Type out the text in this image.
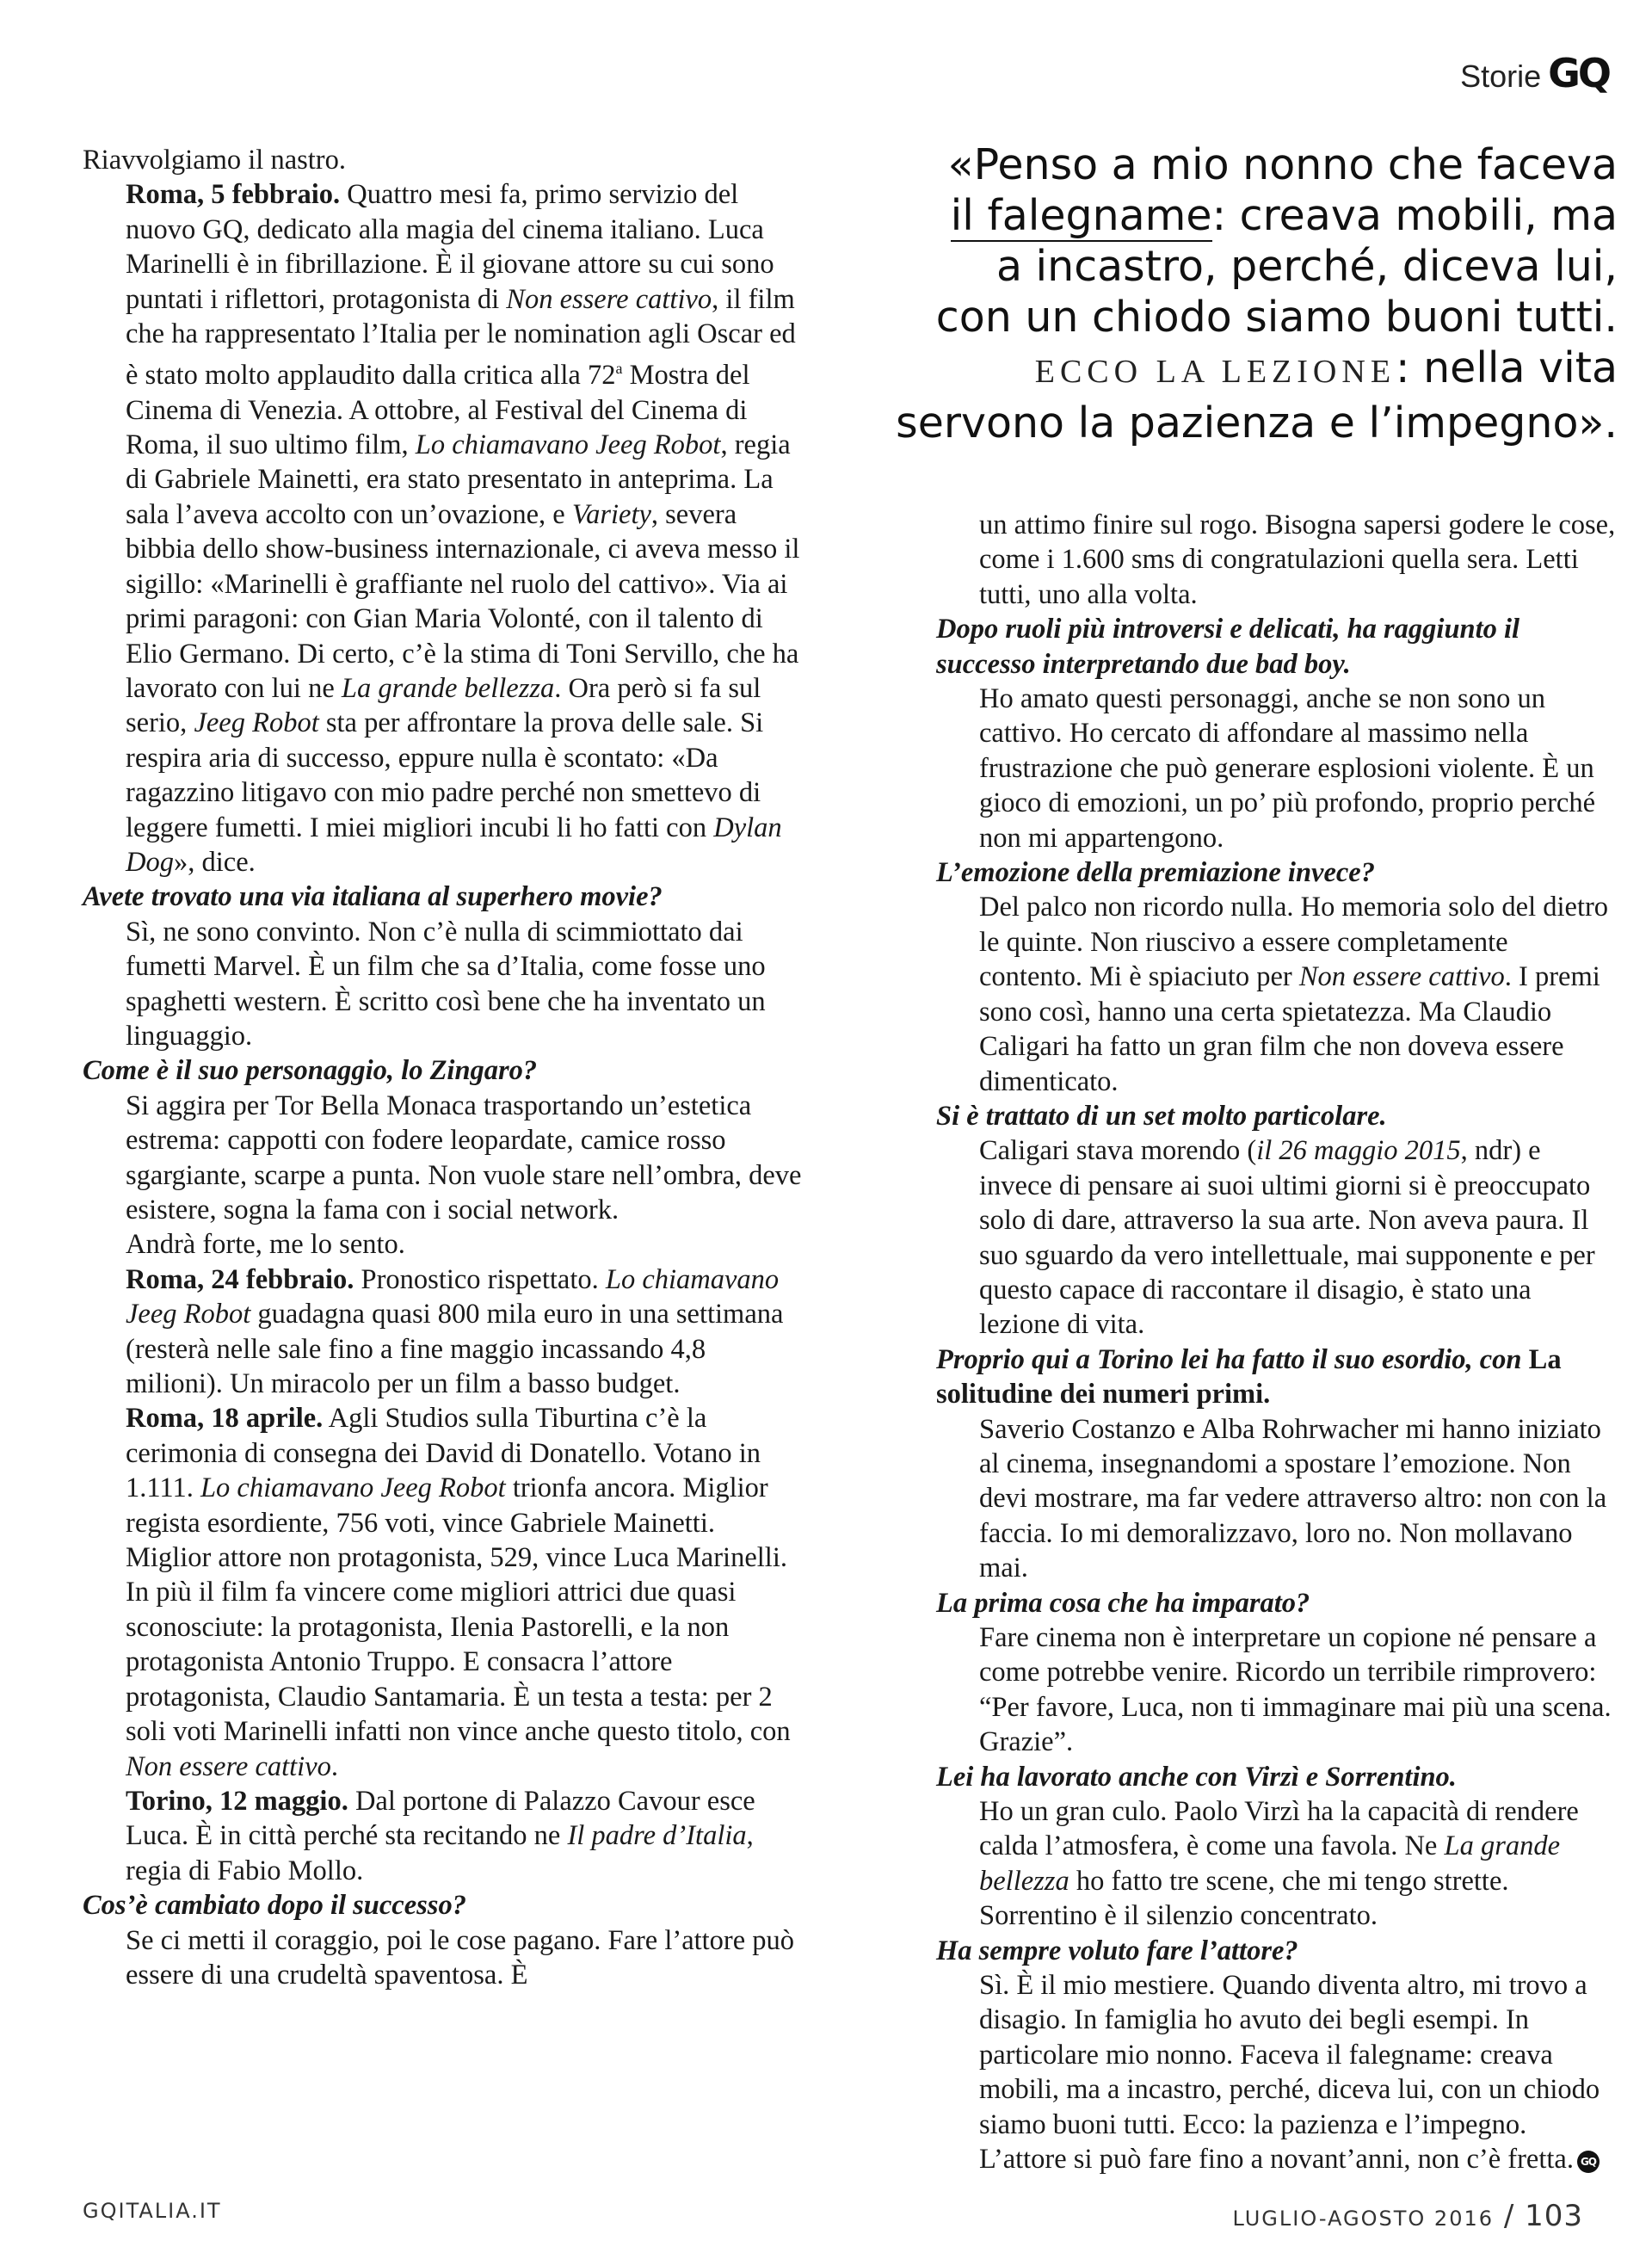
Storie GQ

Riavvolgiamo il nastro.

Roma, 5 febbraio. Quattro mesi fa, primo servizio del nuovo GQ, dedicato alla magia del cinema italiano. Luca Marinelli è in fibrillazione. È il giovane attore su cui sono puntati i riflettori, protagonista di Non essere cattivo, il film che ha rappresentato l’Italia per le nomination agli Oscar ed è stato molto applaudito dalla critica alla 72$^a$ Mostra del Cinema di Venezia. A ottobre, al Festival del Cinema di Roma, il suo ultimo film, Lo chiamavano Jeeg Robot, regia di Gabriele Mainetti, era stato presentato in anteprima. La sala l’aveva accolto con un’ovazione, e Variety, severa bibbia dello show-business internazionale, ci aveva messo il sigillo: «Marinelli è graffiante nel ruolo del cattivo». Via ai primi paragoni: con Gian Maria Volonté, con il talento di Elio Germano. Di certo, c’è la stima di Toni Servillo, che ha lavorato con lui ne La grande bellezza. Ora però si fa sul serio, Jeeg Robot sta per affrontare la prova delle sale. Si respira aria di successo, eppure nulla è scontato: «Da ragazzino litigavo con mio padre perché non smettevo di leggere fumetti. I miei migliori incubi li ho fatti con Dylan Dog», dice.

Avete trovato una via italiana al superhero movie?

Sì, ne sono convinto. Non c’è nulla di scimmiottato dai fumetti Marvel. È un film che sa d’Italia, come fosse uno spaghetti western. È scritto così bene che ha inventato un linguaggio.

Come è il suo personaggio, lo Zingaro?

Si aggira per Tor Bella Monaca trasportando un’estetica estrema: cappotti con fodere leopardate, camice rosso sgargiante, scarpe a punta. Non vuole stare nell’ombra, deve esistere, sogna la fama con i social network.

Andrà forte, me lo sento.

Roma, 24 febbraio. Pronostico rispettato. Lo chiamavano Jeeg Robot guadagna quasi 800 mila euro in una settimana (resterà nelle sale fino a fine maggio incassando 4,8 milioni). Un miracolo per un film a basso budget.

Roma, 18 aprile. Agli Studios sulla Tiburtina c’è la cerimonia di consegna dei David di Donatello. Votano in 1.111. Lo chiamavano Jeeg Robot trionfa ancora. Miglior regista esordiente, 756 voti, vince Gabriele Mainetti. Miglior attore non protagonista, 529, vince Luca Marinelli. In più il film fa vincere come migliori attrici due quasi sconosciute: la protagonista, Ilenia Pastorelli, e la non protagonista Antonio Truppo. E consacra l’attore protagonista, Claudio Santamaria. È un testa a testa: per 2 soli voti Marinelli infatti non vince anche questo titolo, con Non essere cattivo.

Torino, 12 maggio. Dal portone di Palazzo Cavour esce Luca. È in città perché sta recitando ne Il padre d’Italia, regia di Fabio Mollo.

Cos’è cambiato dopo il successo?

Se ci metti il coraggio, poi le cose pagano. Fare l’attore può essere di una crudeltà spaventosa. È

«Penso a mio nonno che faceva
il falegname: creava mobili, ma
a incastro, perché, diceva lui,
con un chiodo siamo buoni tutti.
ECCO LA LEZIONE: nella vita
servono la pazienza e l’impegno».

un attimo finire sul rogo. Bisogna sapersi godere le cose, come i 1.600 sms di congratulazioni quella sera. Letti tutti, uno alla volta.

Dopo ruoli più introversi e delicati, ha raggiunto il successo interpretando due bad boy.

Ho amato questi personaggi, anche se non sono un cattivo. Ho cercato di affondare al massimo nella frustrazione che può generare esplosioni violente. È un gioco di emozioni, un po’ più profondo, proprio perché non mi appartengono.

L’emozione della premiazione invece?

Del palco non ricordo nulla. Ho memoria solo del dietro le quinte. Non riuscivo a essere completamente contento. Mi è spiaciuto per Non essere cattivo. I premi sono così, hanno una certa spietatezza. Ma Claudio Caligari ha fatto un gran film che non doveva essere dimenticato.

Si è trattato di un set molto particolare.

Caligari stava morendo (il 26 maggio 2015, ndr) e invece di pensare ai suoi ultimi giorni si è preoccupato solo di dare, attraverso la sua arte. Non aveva paura. Il suo sguardo da vero intellettuale, mai supponente e per questo capace di raccontare il disagio, è stato una lezione di vita.

Proprio qui a Torino lei ha fatto il suo esordio, con La solitudine dei numeri primi.

Saverio Costanzo e Alba Rohrwacher mi hanno iniziato al cinema, insegnandomi a spostare l’emozione. Non devi mostrare, ma far vedere attraverso altro: non con la faccia. Io mi demoralizzavo, loro no. Non mollavano mai.

La prima cosa che ha imparato?

Fare cinema non è interpretare un copione né pensare a come potrebbe venire. Ricordo un terribile rimprovero: “Per favore, Luca, non ti immaginare mai più una scena. Grazie”.

Lei ha lavorato anche con Virzì e Sorrentino.

Ho un gran culo. Paolo Virzì ha la capacità di rendere calda l’atmosfera, è come una favola. Ne La grande bellezza ho fatto tre scene, che mi tengo strette. Sorrentino è il silenzio concentrato.

Ha sempre voluto fare l’attore?

Sì. È il mio mestiere. Quando diventa altro, mi trovo a disagio. In famiglia ho avuto dei begli esempi. In particolare mio nonno. Faceva il falegname: creava mobili, ma a incastro, perché, diceva lui, con un chiodo siamo buoni tutti. Ecco: la pazienza e l’impegno. L’attore si può fare fino a novant’anni, non c’è fretta. GQ

GQITALIA.IT	LUGLIO-AGOSTO 2016 / 103
